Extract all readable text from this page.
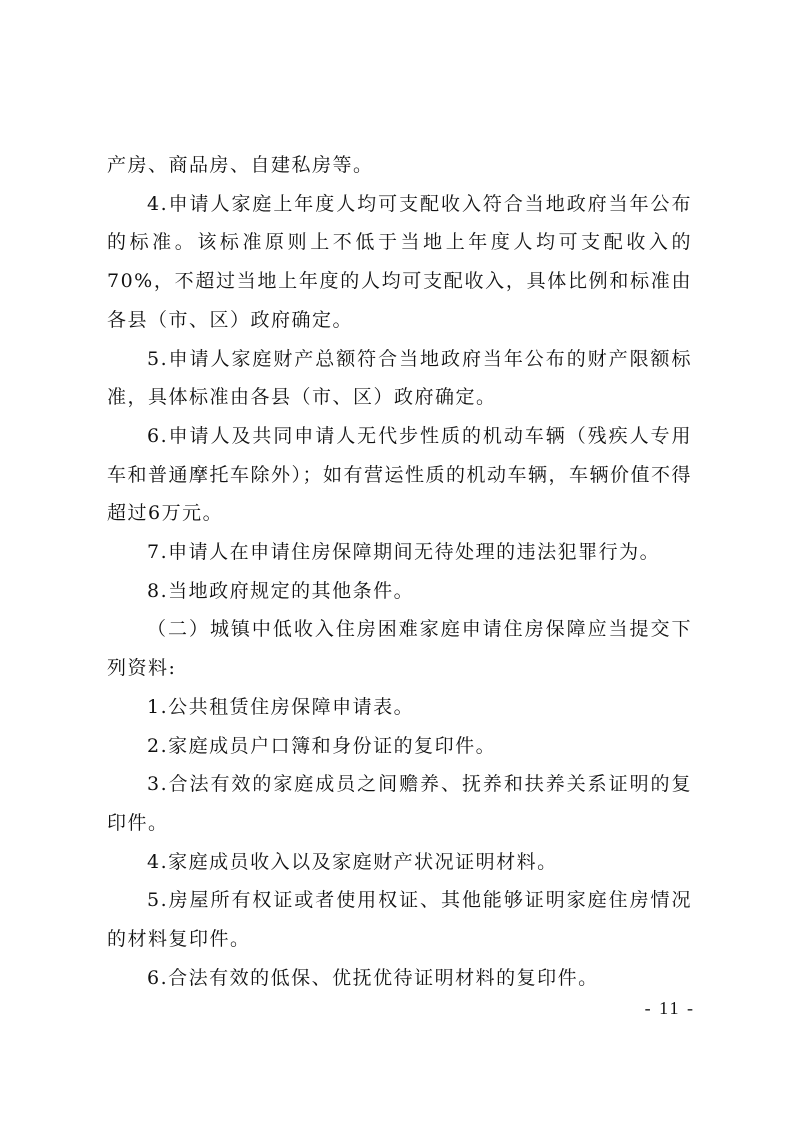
产房、商品房、自建私房等。

4.申请人家庭上年度人均可支配收入符合当地政府当年公布的标准。该标准原则上不低于当地上年度人均可支配收入的70%，不超过当地上年度的人均可支配收入，具体比例和标准由各县（市、区）政府确定。

5.申请人家庭财产总额符合当地政府当年公布的财产限额标准，具体标准由各县（市、区）政府确定。

6.申请人及共同申请人无代步性质的机动车辆（残疾人专用车和普通摩托车除外）；如有营运性质的机动车辆，车辆价值不得超过6万元。

7.申请人在申请住房保障期间无待处理的违法犯罪行为。

8.当地政府规定的其他条件。

（二）城镇中低收入住房困难家庭申请住房保障应当提交下列资料:

1.公共租赁住房保障申请表。

2.家庭成员户口簿和身份证的复印件。

3.合法有效的家庭成员之间赡养、抚养和扶养关系证明的复印件。

4.家庭成员收入以及家庭财产状况证明材料。

5.房屋所有权证或者使用权证、其他能够证明家庭住房情况的材料复印件。

6.合法有效的低保、优抚优待证明材料的复印件。

- 11 -
